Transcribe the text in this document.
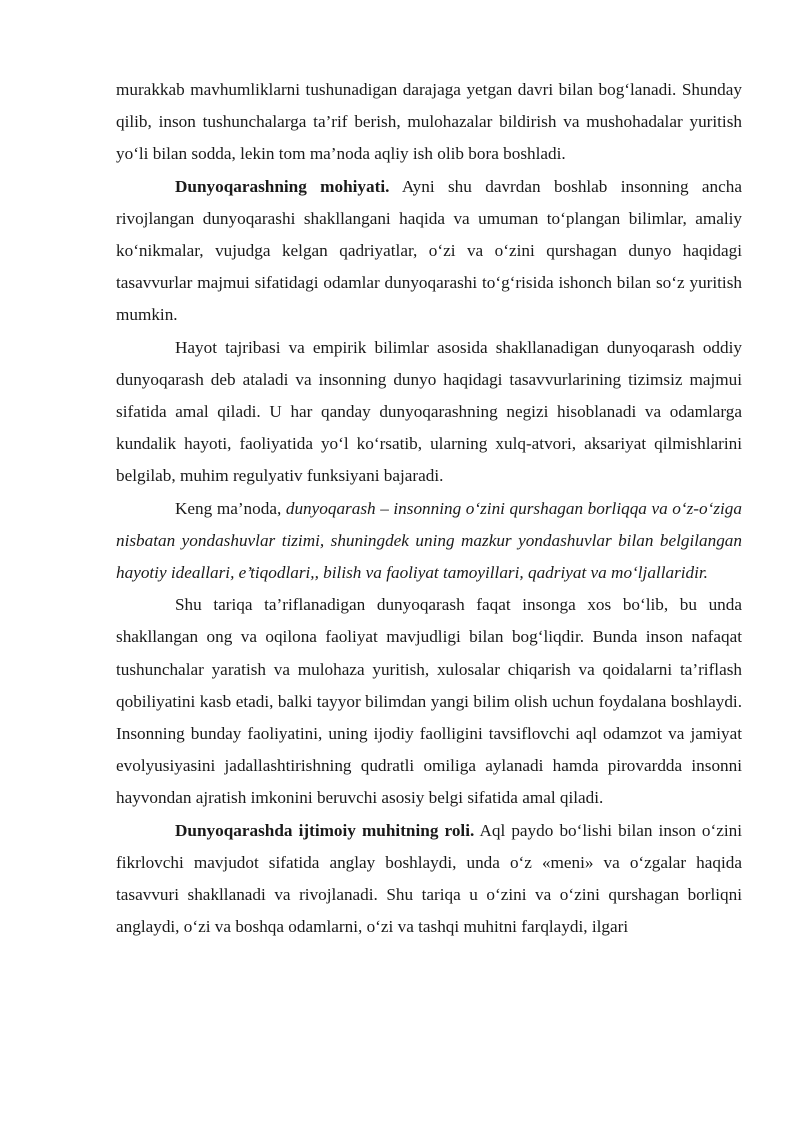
murakkab mavhumliklarni tushunadigan darajaga yetgan davri bilan bog‘lanadi. Shunday qilib, inson tushunchalarga ta’rif berish, mulohazalar bildirish va mushohadalar yuritish yo‘li bilan sodda, lekin tom ma’noda aqliy ish olib bora boshladi.

Dunyoqarashning mohiyati. Ayni shu davrdan boshlab insonning ancha rivojlangan dunyoqarashi shakllangani haqida va umuman to‘plangan bilimlar, amaliy ko‘nikmalar, vujudga kelgan qadriyatlar, o‘zi va o‘zini qurshagan dunyo haqidagi tasavvurlar majmui sifatidagi odamlar dunyoqarashi to‘g‘risida ishonch bilan so‘z yuritish mumkin.

Hayot tajribasi va empirik bilimlar asosida shakllanadigan dunyoqarash oddiy dunyoqarash deb ataladi va insonning dunyo haqidagi tasavvurlarining tizimsiz majmui sifatida amal qiladi. U har qanday dunyoqarashning negizi hisoblanadi va odamlarga kundalik hayoti, faoliyatida yo‘l ko‘rsatib, ularning xulq-atvori, aksariyat qilmishlarini belgilab, muhim regulyativ funksiyani bajaradi.

Keng ma’noda, dunyoqarash – insonning o‘zini qurshagan borliqqa va o‘z-o‘ziga nisbatan yondashuvlar tizimi, shuningdek uning mazkur yondashuvlar bilan belgilangan hayotiy ideallari, e’tiqodlari,, bilish va faoliyat tamoyillari, qadriyat va mo‘ljallaridir.

Shu tariqa ta’riflanadigan dunyoqarash faqat insonga xos bo‘lib, bu unda shakllangan ong va oqilona faoliyat mavjudligi bilan bog‘liqdir. Bunda inson nafaqat tushunchalar yaratish va mulohaza yuritish, xulosalar chiqarish va qoidalarni ta’riflash qobiliyatini kasb etadi, balki tayyor bilimdan yangi bilim olish uchun foydalana boshlaydi. Insonning bunday faoliyatini, uning ijodiy faolligini tavsiflovchi aql odamzot va jamiyat evolyusiyasini jadallashtirishning qudratli omiliga aylanadi hamda pirovardda insonni hayvondan ajratish imkonini beruvchi asosiy belgi sifatida amal qiladi.

Dunyoqarashda ijtimoiy muhitning roli. Aql paydo bo‘lishi bilan inson o‘zini fikrlovchi mavjudot sifatida anglay boshlaydi, unda o‘z «meni» va o‘zgalar haqida tasavvuri shakllanadi va rivojlanadi. Shu tariqa u o‘zini va o‘zini qurshagan borliqni anglaydi, o‘zi va boshqa odamlarni, o‘zi va tashqi muhitni farqlaydi, ilgari
